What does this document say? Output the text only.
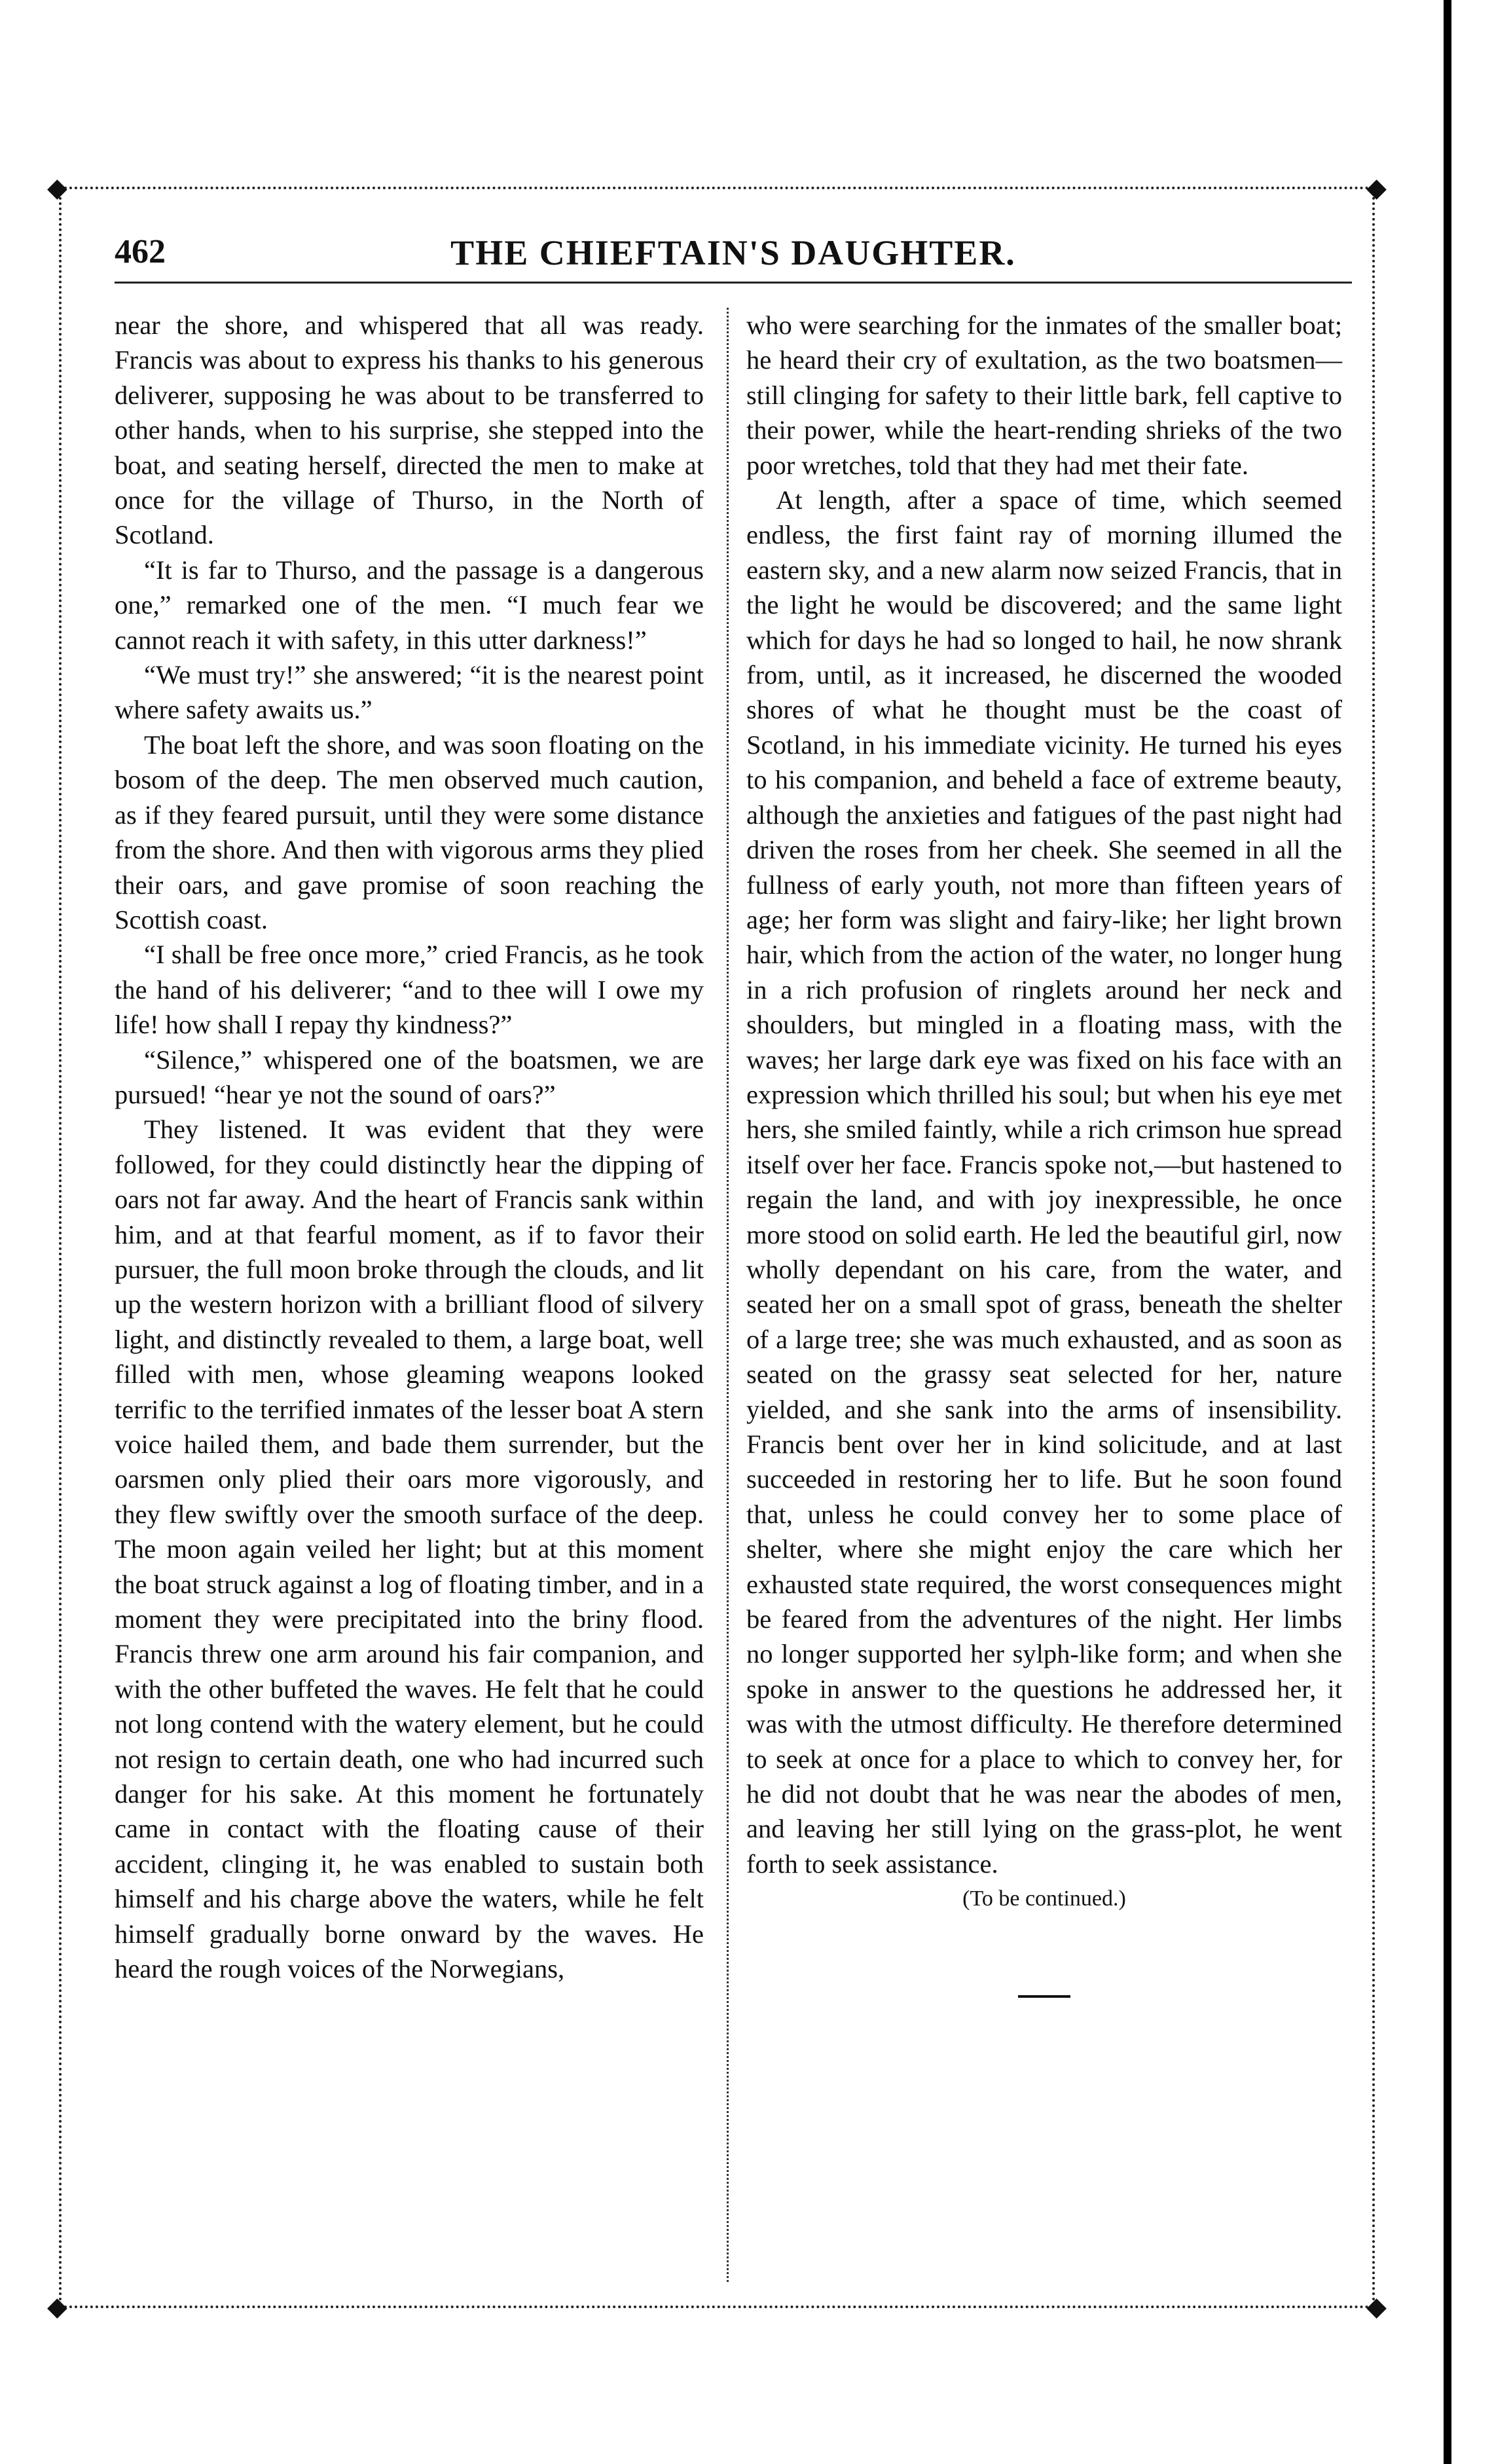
◆	◆
◆	◆
462	THE CHIEFTAIN'S DAUGHTER.

near the shore, and whispered that all was ready. Francis was about to express his thanks to his generous deliverer, supposing he was about to be transferred to other hands, when to his surprise, she stepped into the boat, and seating herself, directed the men to make at once for the village of Thurso, in the North of Scotland.

“It is far to Thurso, and the passage is a dangerous one,” remarked one of the men. “I much fear we cannot reach it with safety, in this utter darkness!”

“We must try!” she answered; “it is the nearest point where safety awaits us.”

The boat left the shore, and was soon floating on the bosom of the deep. The men observed much caution, as if they feared pursuit, until they were some distance from the shore. And then with vigorous arms they plied their oars, and gave promise of soon reaching the Scottish coast.

“I shall be free once more,” cried Francis, as he took the hand of his deliverer; “and to thee will I owe my life! how shall I repay thy kindness?”

“Silence,” whispered one of the boatsmen, we are pursued! “hear ye not the sound of oars?”

They listened. It was evident that they were followed, for they could distinctly hear the dipping of oars not far away. And the heart of Francis sank within him, and at that fearful moment, as if to favor their pursuer, the full moon broke through the clouds, and lit up the western horizon with a brilliant flood of silvery light, and distinctly revealed to them, a large boat, well filled with men, whose gleaming weapons looked terrific to the terrified inmates of the lesser boat A stern voice hailed them, and bade them surrender, but the oarsmen only plied their oars more vigorously, and they flew swiftly over the smooth surface of the deep. The moon again veiled her light; but at this moment the boat struck against a log of floating timber, and in a moment they were precipitated into the briny flood. Francis threw one arm around his fair companion, and with the other buffeted the waves. He felt that he could not long contend with the watery element, but he could not resign to certain death, one who had incurred such danger for his sake. At this moment he fortunately came in contact with the floating cause of their accident, clinging it, he was enabled to sustain both himself and his charge above the waters, while he felt himself gradually borne onward by the waves. He heard the rough voices of the Norwegians,

who were searching for the inmates of the smaller boat; he heard their cry of exultation, as the two boatsmen—still clinging for safety to their little bark, fell captive to their power, while the heart-rending shrieks of the two poor wretches, told that they had met their fate.

At length, after a space of time, which seemed endless, the first faint ray of morning illumed the eastern sky, and a new alarm now seized Francis, that in the light he would be discovered; and the same light which for days he had so longed to hail, he now shrank from, until, as it increased, he discerned the wooded shores of what he thought must be the coast of Scotland, in his immediate vicinity. He turned his eyes to his companion, and beheld a face of extreme beauty, although the anxieties and fatigues of the past night had driven the roses from her cheek. She seemed in all the fullness of early youth, not more than fifteen years of age; her form was slight and fairy-like; her light brown hair, which from the action of the water, no longer hung in a rich profusion of ringlets around her neck and shoulders, but mingled in a floating mass, with the waves; her large dark eye was fixed on his face with an expression which thrilled his soul; but when his eye met hers, she smiled faintly, while a rich crimson hue spread itself over her face. Francis spoke not,—but hastened to regain the land, and with joy inexpressible, he once more stood on solid earth. He led the beautiful girl, now wholly dependant on his care, from the water, and seated her on a small spot of grass, beneath the shelter of a large tree; she was much exhausted, and as soon as seated on the grassy seat selected for her, nature yielded, and she sank into the arms of insensibility. Francis bent over her in kind solicitude, and at last succeeded in restoring her to life. But he soon found that, unless he could convey her to some place of shelter, where she might enjoy the care which her exhausted state required, the worst consequences might be feared from the adventures of the night. Her limbs no longer supported her sylph-like form; and when she spoke in answer to the questions he addressed her, it was with the utmost difficulty. He therefore determined to seek at once for a place to which to convey her, for he did not doubt that he was near the abodes of men, and leaving her still lying on the grass-plot, he went forth to seek assistance.

(To be continued.)
